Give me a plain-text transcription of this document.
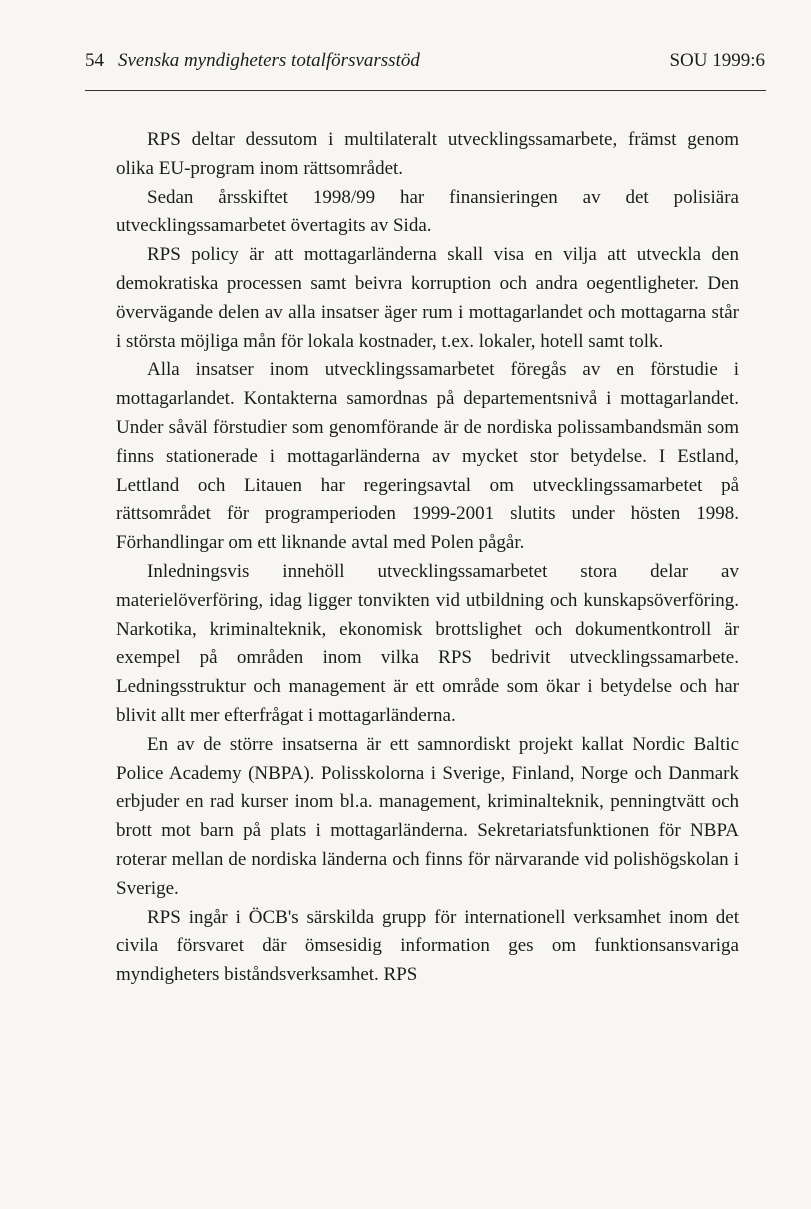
54 Svenska myndigheters totalförsvarsstöd	SOU 1999:6

RPS deltar dessutom i multilateralt utvecklingssamarbete, främst genom olika EU-program inom rättsområdet.

Sedan årsskiftet 1998/99 har finansieringen av det polisiära utvecklingssamarbetet övertagits av Sida.

RPS policy är att mottagarländerna skall visa en vilja att utveckla den demokratiska processen samt beivra korruption och andra oegentligheter. Den övervägande delen av alla insatser äger rum i mottagarlandet och mottagarna står i största möjliga mån för lokala kostnader, t.ex. lokaler, hotell samt tolk.

Alla insatser inom utvecklingssamarbetet föregås av en förstudie i mottagarlandet. Kontakterna samordnas på departementsnivå i mottagarlandet. Under såväl förstudier som genomförande är de nordiska polissambandsmän som finns stationerade i mottagarländerna av mycket stor betydelse. I Estland, Lettland och Litauen har regeringsavtal om utvecklingssamarbetet på rättsområdet för programperioden 1999-2001 slutits under hösten 1998. Förhandlingar om ett liknande avtal med Polen pågår.

Inledningsvis innehöll utvecklingssamarbetet stora delar av materielöverföring, idag ligger tonvikten vid utbildning och kunskapsöverföring. Narkotika, kriminalteknik, ekonomisk brottslighet och dokumentkontroll är exempel på områden inom vilka RPS bedrivit utvecklingssamarbete. Ledningsstruktur och management är ett område som ökar i betydelse och har blivit allt mer efterfrågat i mottagarländerna.

En av de större insatserna är ett samnordiskt projekt kallat Nordic Baltic Police Academy (NBPA). Polisskolorna i Sverige, Finland, Norge och Danmark erbjuder en rad kurser inom bl.a. management, kriminalteknik, penningtvätt och brott mot barn på plats i mottagarländerna. Sekretariatsfunktionen för NBPA roterar mellan de nordiska länderna och finns för närvarande vid polishögskolan i Sverige.

RPS ingår i ÖCB's särskilda grupp för internationell verksamhet inom det civila försvaret där ömsesidig information ges om funktionsansvariga myndigheters biståndsverksamhet. RPS
